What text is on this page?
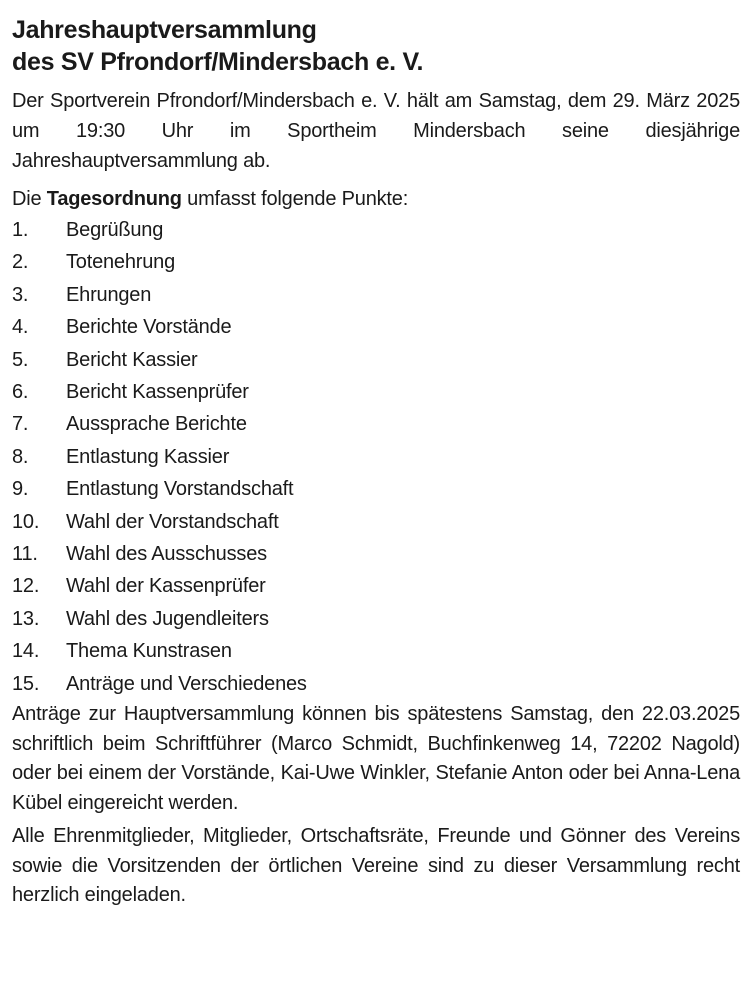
Jahreshauptversammlung
des SV Pfrondorf/Mindersbach e. V.

Der Sportverein Pfrondorf/Mindersbach e. V. hält am Samstag, dem 29. März 2025 um 19:30 Uhr im Sportheim Mindersbach seine diesjährige Jahreshauptversammlung ab.

Die Tagesordnung umfasst folgende Punkte:

1.	Begrüßung
2.	Totenehrung
3.	Ehrungen
4.	Berichte Vorstände
5.	Bericht Kassier
6.	Bericht Kassenprüfer
7.	Aussprache Berichte
8.	Entlastung Kassier
9.	Entlastung Vorstandschaft
10.	Wahl der Vorstandschaft
11.	Wahl des Ausschusses
12.	Wahl der Kassenprüfer
13.	Wahl des Jugendleiters
14.	Thema Kunstrasen
15.	Anträge und Verschiedenes

Anträge zur Hauptversammlung können bis spätestens Samstag, den 22.03.2025 schriftlich beim Schriftführer (Marco Schmidt, Buchfinkenweg 14, 72202 Nagold) oder bei einem der Vorstände, Kai-Uwe Winkler, Stefanie Anton oder bei Anna-Lena Kübel eingereicht werden.

Alle Ehrenmitglieder, Mitglieder, Ortschaftsräte, Freunde und Gönner des Vereins sowie die Vorsitzenden der örtlichen Vereine sind zu dieser Versammlung recht herzlich eingeladen.
